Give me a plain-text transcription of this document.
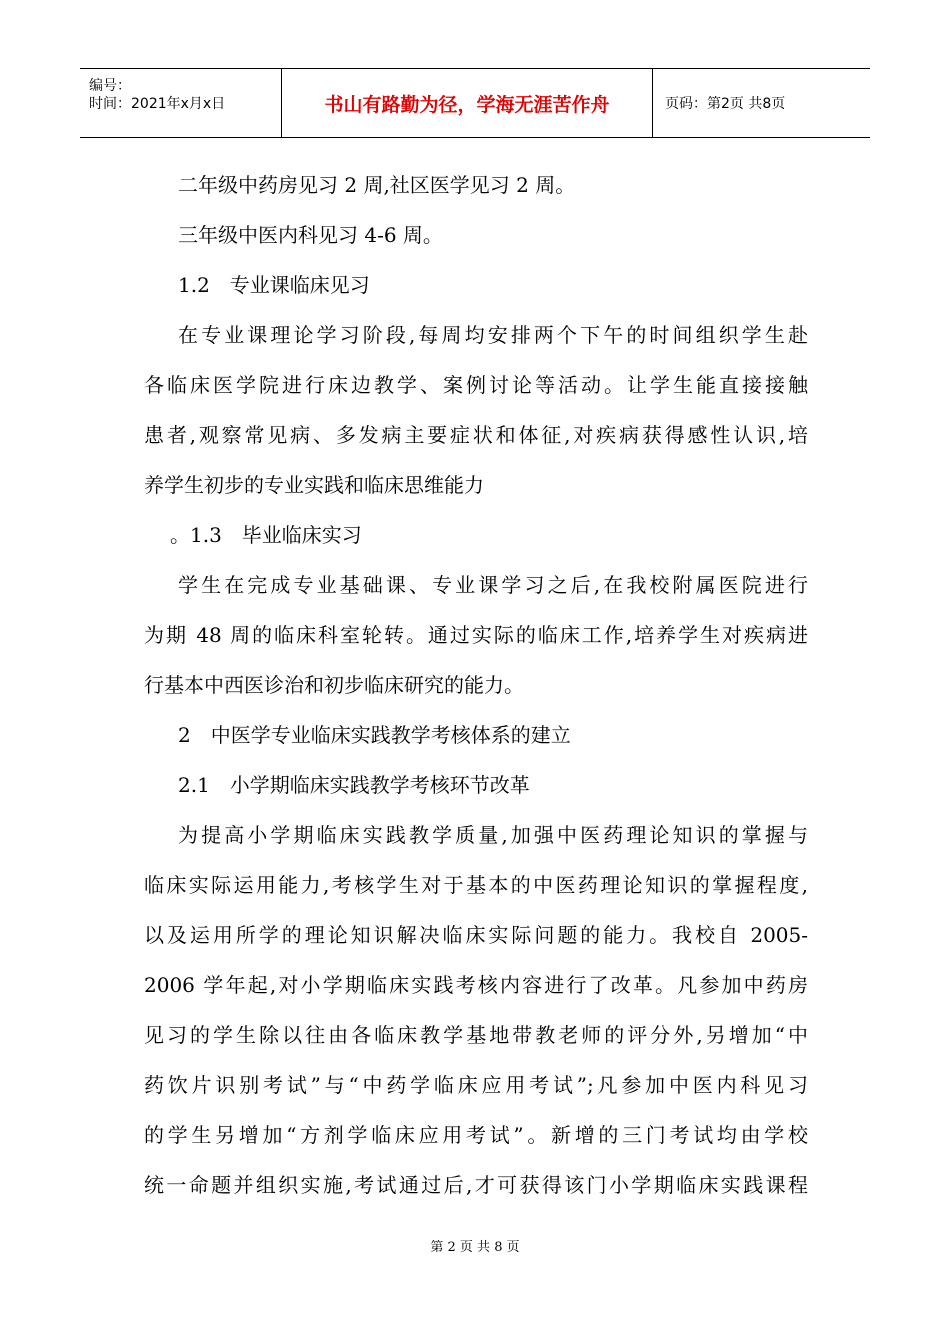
编号：
时间：2021年x月x日	书山有路勤为径，学海无涯苦作舟	页码：第2页 共8页
二年级中药房见习 2 周,社区医学见习 2 周。
三年级中医内科见习 4-6 周。
1.2　专业课临床见习
在专业课理论学习阶段,每周均安排两个下午的时间组织学生赴
各临床医学院进行床边教学、案例讨论等活动。让学生能直接接触
患者,观察常见病、多发病主要症状和体征,对疾病获得感性认识,培
养学生初步的专业实践和临床思维能力
。1.3　毕业临床实习
学生在完成专业基础课、专业课学习之后,在我校附属医院进行
为期 48 周的临床科室轮转。通过实际的临床工作,培养学生对疾病进
行基本中西医诊治和初步临床研究的能力。
2　中医学专业临床实践教学考核体系的建立
2.1　小学期临床实践教学考核环节改革
为提高小学期临床实践教学质量,加强中医药理论知识的掌握与
临床实际运用能力,考核学生对于基本的中医药理论知识的掌握程度,
以及运用所学的理论知识解决临床实际问题的能力。我校自 2005-
2006 学年起,对小学期临床实践考核内容进行了改革。凡参加中药房
见习的学生除以往由各临床教学基地带教老师的评分外,另增加“中
药饮片识别考试”与“中药学临床应用考试”;凡参加中医内科见习
的学生另增加“方剂学临床应用考试”。新增的三门考试均由学校
统一命题并组织实施,考试通过后,才可获得该门小学期临床实践课程
第 2 页 共 8 页
